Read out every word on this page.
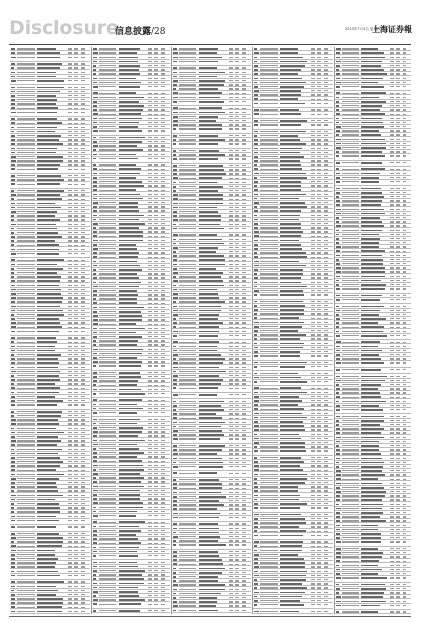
Disclosure
信息披露/28	2013年7月4日 星期四
上海证券報
